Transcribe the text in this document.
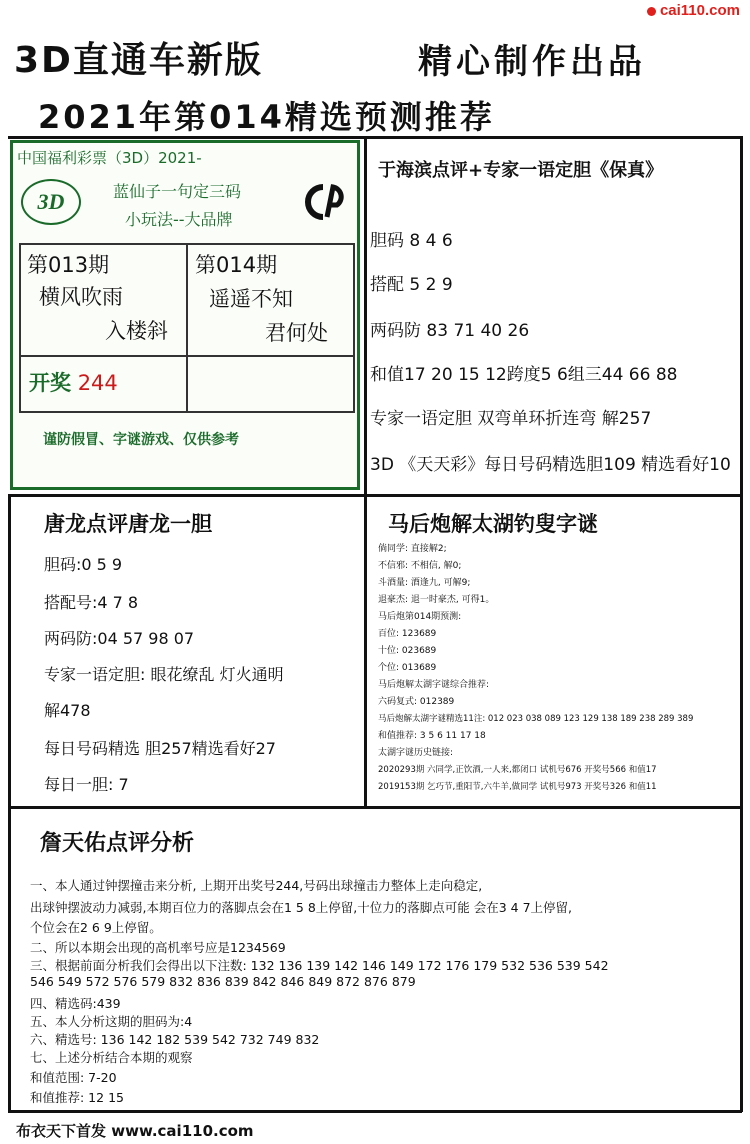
cai110.com
3D直通车新版	精心制作出品
2021年第014精选预测推荐
中国福利彩票（3D）2021-
3D	蓝仙子一句定三码
小玩法--大品牌
第013期
横风吹雨
入楼斜
第014期
遥遥不知
君何处
开奖 244
谨防假冒、字谜游戏、仅供参考
于海滨点评+专家一语定胆《保真》
胆码 8 4 6
搭配 5 2 9
两码防 83 71 40 26
和值17 20 15 12跨度5 6组三44 66 88
专家一语定胆 双弯单环折连弯 解257
3D 《天天彩》每日号码精选胆109 精选看好10
唐龙点评唐龙一胆
胆码:0 5 9
搭配号:4 7 8
两码防:04 57 98 07
专家一语定胆: 眼花缭乱 灯火通明
解478
每日号码精选 胆257精选看好27
每日一胆: 7
马后炮解太湖钓叟字谜
倘同学: 直接解2;
不信邪: 不相信, 解0;
斗酒量: 酒逢九, 可解9;
退豪杰: 退一时豪杰, 可得1。
马后炮第014期预测:
百位: 123689
十位: 023689
个位: 013689
马后炮解太湖字谜综合推荐:
六码复式: 012389
马后炮解太湖字谜精选11注: 012 023 038 089 123 129 138 189 238 289 389
和值推荐: 3 5 6 11 17 18
太湖字谜历史链接:
2020293期 六同学,正饮酒,一人来,都闭口 试机号676 开奖号566 和值17
2019153期 乞巧节,重阳节,六牛羊,做同学 试机号973 开奖号326 和值11
詹天佑点评分析
一、本人通过钟摆撞击来分析, 上期开出奖号244,号码出球撞击力整体上走向稳定,
出球钟摆波动力减弱,本期百位力的落脚点会在1 5 8上停留,十位力的落脚点可能 会在3 4 7上停留,
个位会在2 6 9上停留。
二、所以本期会出现的高机率号应是1234569
三、根据前面分析我们会得出以下注数: 132 136 139 142 146 149 172 176 179 532 536 539 542
546 549 572 576 579 832 836 839 842 846 849 872 876 879
四、精选码:439
五、本人分析这期的胆码为:4
六、精选号: 136 142 182 539 542 732 749 832
七、上述分析结合本期的观察
和值范围: 7-20
和值推荐: 12 15
布衣天下首发 www.cai110.com
